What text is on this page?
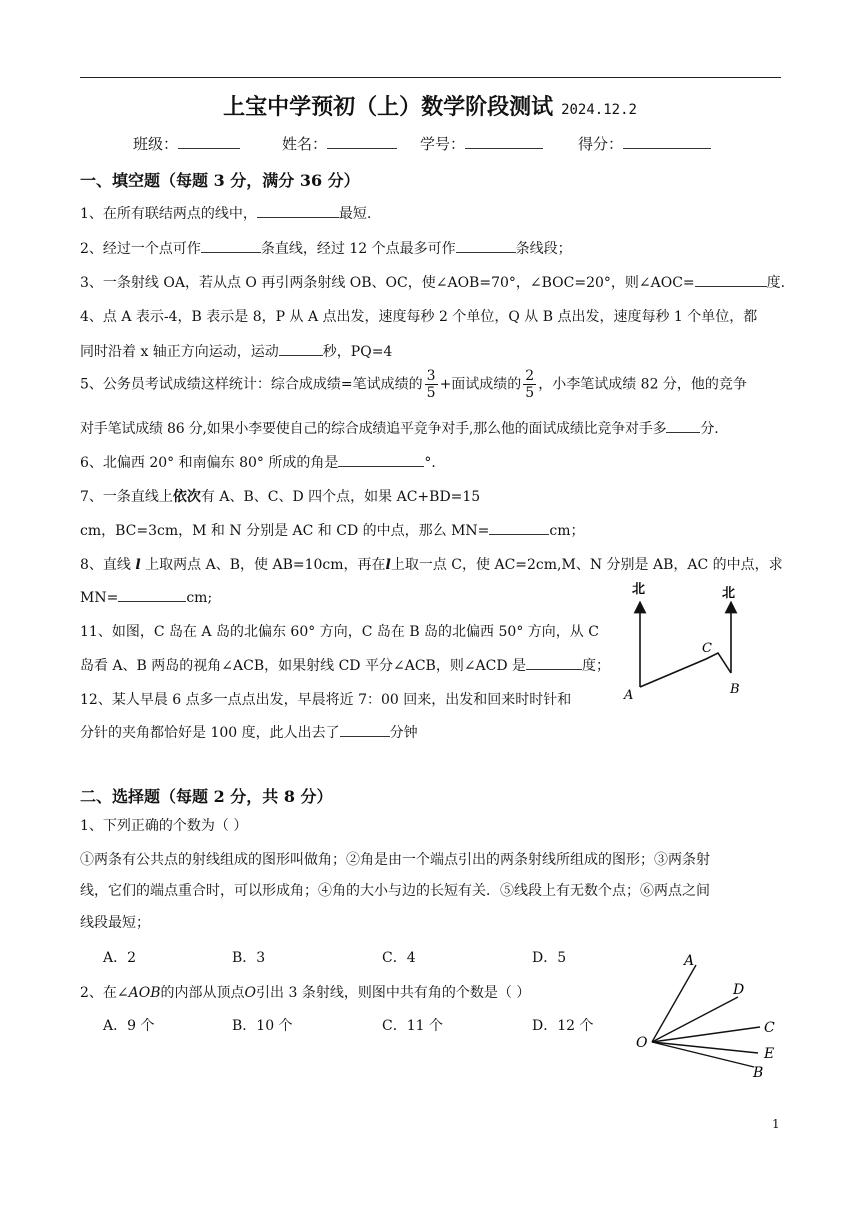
上宝中学预初（上）数学阶段测试 2024.12.2
班级：	姓名：	学号：	得分：
一、填空题（每题 3 分，满分 36 分）
1、在所有联结两点的线中，	最短.
2、经过一个点可作	条直线，经过 12 个点最多可作	条线段；
3、一条射线 OA，若从点 O 再引两条射线 OB、OC，使∠AOB=70°，∠BOC=20°，则∠AOC=	度.
4、点 A 表示-4，B 表示是 8，P 从 A 点出发，速度每秒 2 个单位，Q 从 B 点出发，速度每秒 1 个单位，都
同时沿着 x 轴正方向运动，运动	秒，PQ=4
5、公务员考试成绩这样统计：综合成成绩=笔试成绩的 $\frac{3}{5}$ +面试成绩的 $\frac{2}{5}$ ，小李笔试成绩 82 分，他的竞争
对手笔试成绩 86 分,如果小李要使自己的综合成绩追平竞争对手,那么他的面试成绩比竞争对手多 分.
6、北偏西 20° 和南偏东 80° 所成的角是	°．
7、一条直线上依次有 A、B、C、D 四个点，如果 AC+BD=15
cm，BC=3cm，M 和 N 分别是 AC 和 CD 的中点，那么 MN=	cm；
8、直线 l 上取两点 A、B，使 AB=10cm，再在l上取一点 C，使 AC=2cm,M、N 分别是 AB，AC 的中点，求
MN=	cm;
11、如图，C 岛在 A 岛的北偏东 60° 方向，C 岛在 B 岛的北偏西 50° 方向，从 C
岛看 A、B 两岛的视角∠ACB，如果射线 CD 平分∠ACB，则∠ACD 是	度；
12、某人早晨 6 点多一点点出发，早晨将近 7：00 回来，出发和回来时时针和
分针的夹角都恰好是 100 度，此人出去了	分钟
北	北
A	B
C
二、选择题（每题 2 分，共 8 分）
1、下列正确的个数为（ ）
①两条有公共点的射线组成的图形叫做角；②角是由一个端点引出的两条射线所组成的图形；③两条射
线，它们的端点重合时，可以形成角；④角的大小与边的长短有关．⑤线段上有无数个点；⑥两点之间
线段最短；
A．2	B．3	C．4	D．5
2、在∠AOB的内部从顶点O引出 3 条射线，则图中共有角的个数是（ ）
A．9 个	B．10 个	C．11 个	D．12 个
A
D
C
O
E
B
1
